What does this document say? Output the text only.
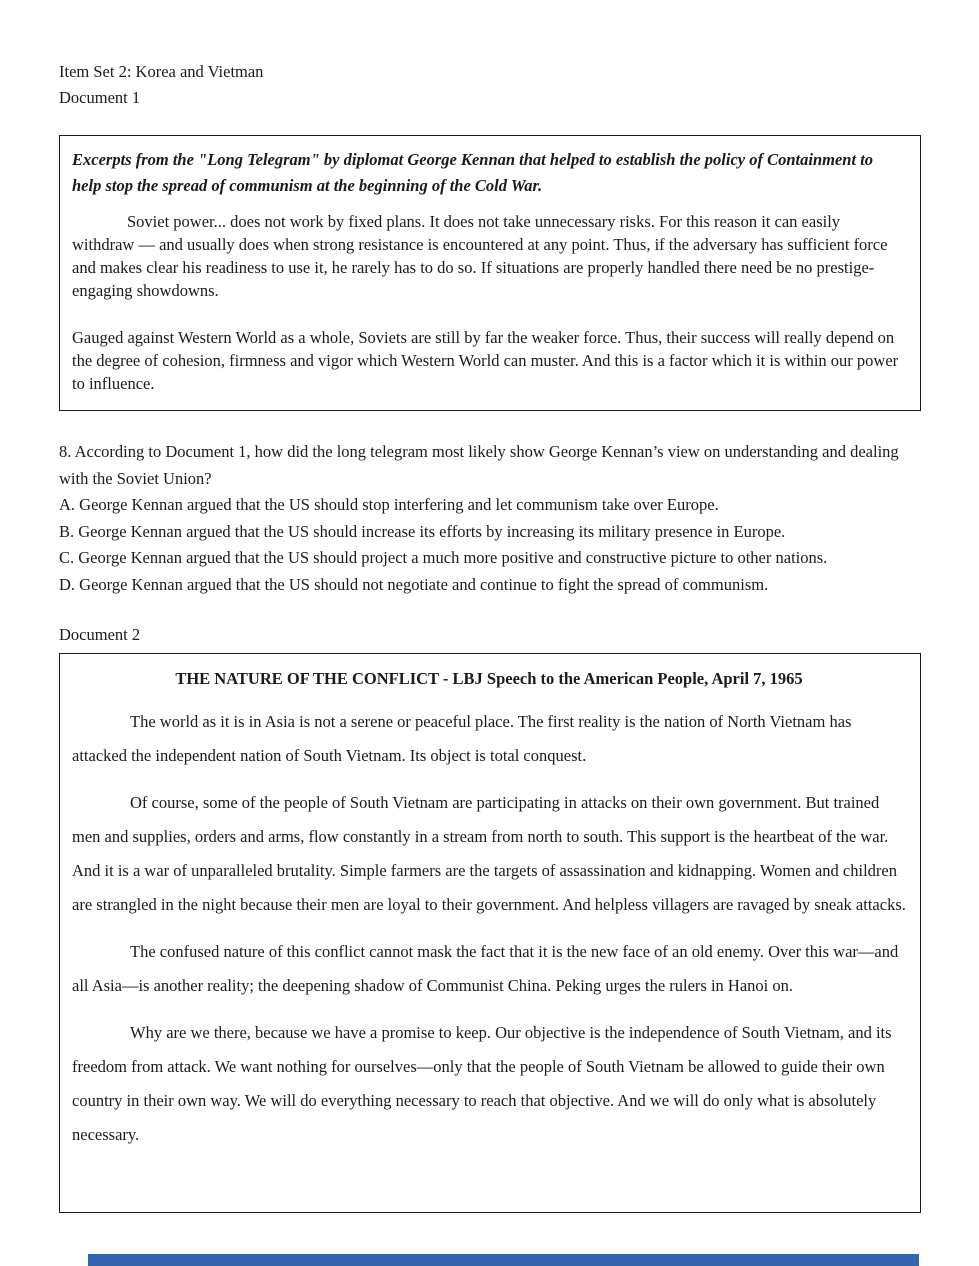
Item Set 2: Korea and Vietman
Document 1

Excerpts from the "Long Telegram" by diplomat George Kennan that helped to establish the policy of Containment to help stop the spread of communism at the beginning of the Cold War.

Soviet power... does not work by fixed plans. It does not take unnecessary risks. For this reason it can easily withdraw — and usually does when strong resistance is encountered at any point. Thus, if the adversary has sufficient force and makes clear his readiness to use it, he rarely has to do so. If situations are properly handled there need be no prestige-engaging showdowns.

Gauged against Western World as a whole, Soviets are still by far the weaker force. Thus, their success will really depend on the degree of cohesion, firmness and vigor which Western World can muster. And this is a factor which it is within our power to influence.

8. According to Document 1, how did the long telegram most likely show George Kennan’s view on understanding and dealing with the Soviet Union?

A. George Kennan argued that the US should stop interfering and let communism take over Europe.

B. George Kennan argued that the US should increase its efforts by increasing its military presence in Europe.

C. George Kennan argued that the US should project a much more positive and constructive picture to other nations.

D. George Kennan argued that the US should not negotiate and continue to fight the spread of communism.

Document 2

THE NATURE OF THE CONFLICT - LBJ Speech to the American People, April 7, 1965

The world as it is in Asia is not a serene or peaceful place. The first reality is the nation of North Vietnam has attacked the independent nation of South Vietnam. Its object is total conquest.

Of course, some of the people of South Vietnam are participating in attacks on their own government. But trained men and supplies, orders and arms, flow constantly in a stream from north to south. This support is the heartbeat of the war. And it is a war of unparalleled brutality. Simple farmers are the targets of assassination and kidnapping. Women and children are strangled in the night because their men are loyal to their government. And helpless villagers are ravaged by sneak attacks.

The confused nature of this conflict cannot mask the fact that it is the new face of an old enemy. Over this war—and all Asia—is another reality; the deepening shadow of Communist China. Peking urges the rulers in Hanoi on.

Why are we there, because we have a promise to keep. Our objective is the independence of South Vietnam, and its freedom from attack. We want nothing for ourselves—only that the people of South Vietnam be allowed to guide their own country in their own way. We will do everything necessary to reach that objective. And we will do only what is absolutely necessary.
